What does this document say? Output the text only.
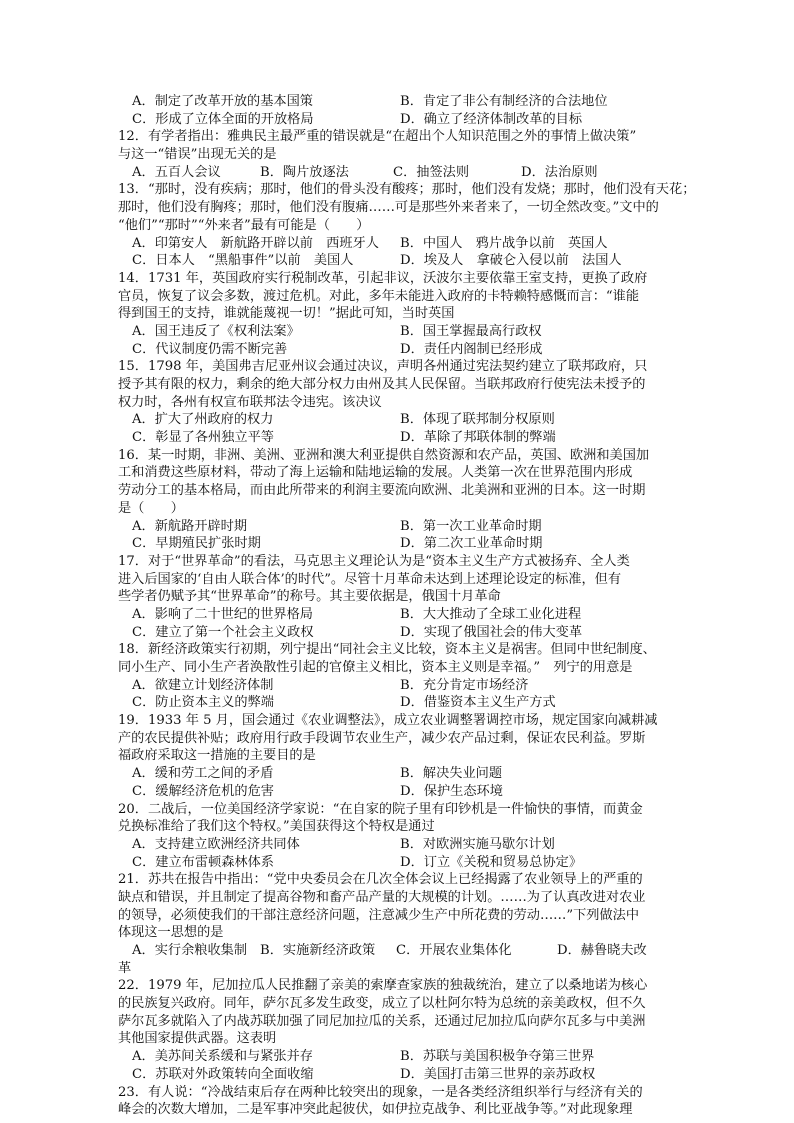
A．制定了改革开放的基本国策	B．肯定了非公有制经济的合法地位
C．形成了立体全面的开放格局	D．确立了经济体制改革的目标
12．有学者指出：雅典民主最严重的错误就是“在超出个人知识范围之外的事情上做决策”
与这一“错误”出现无关的是
A．五百人会议	B．陶片放逐法	C．抽签法则	D．法治原则
13．“那时，没有疾病；那时，他们的骨头没有酸疼；那时，他们没有发烧；那时，他们没有天花；
那时，他们没有胸疼；那时，他们没有腹痛……可是那些外来者来了，一切全然改变。”文中的
“他们”“那时”“外来者”最有可能是（　　）
A．印第安人　新航路开辟以前　西班牙人	B．中国人　鸦片战争以前　英国人
C．日本人　“黑船事件”以前　美国人	D．埃及人　拿破仑入侵以前　法国人
14．1731 年，英国政府实行税制改革，引起非议，沃波尔主要依靠王室支持，更换了政府
官员，恢复了议会多数，渡过危机。对此，多年未能进入政府的卡特赖特感慨而言：“谁能
得到国王的支持，谁就能蔑视一切！”据此可知，当时英国
A．国王违反了《权利法案》	B．国王掌握最高行政权
C．代议制度仍需不断完善	D．责任内阁制已经形成
15．1798 年，美国弗吉尼亚州议会通过决议，声明各州通过宪法契约建立了联邦政府，只
授予其有限的权力，剩余的绝大部分权力由州及其人民保留。当联邦政府行使宪法未授予的
权力时，各州有权宣布联邦法令违宪。该决议
A．扩大了州政府的权力	B．体现了联邦制分权原则
C．彰显了各州独立平等	D．革除了邦联体制的弊端
16．某一时期，非洲、美洲、亚洲和澳大利亚提供自然资源和农产品，英国、欧洲和美国加
工和消费这些原材料，带动了海上运输和陆地运输的发展。人类第一次在世界范围内形成
劳动分工的基本格局，而由此所带来的利润主要流向欧洲、北美洲和亚洲的日本。这一时期
是（　　）
A．新航路开辟时期	B．第一次工业革命时期
C．早期殖民扩张时期	D．第二次工业革命时期
17．对于“世界革命”的看法，马克思主义理论认为是“资本主义生产方式被扬弃、全人类
进入后国家的‘自由人联合体’的时代”。尽管十月革命未达到上述理论设定的标准，但有
些学者仍赋予其“世界革命”的称号。其主要依据是，俄国十月革命
A．影响了二十世纪的世界格局	B．大大推动了全球工业化进程
C．建立了第一个社会主义政权	D．实现了俄国社会的伟大变革
18．新经济政策实行初期，列宁提出“同社会主义比较，资本主义是祸害。但同中世纪制度、
同小生产、同小生产者涣散性引起的官僚主义相比，资本主义则是幸福。”　列宁的用意是
A．欲建立计划经济体制	B．充分肯定市场经济
C．防止资本主义的弊端	D．借鉴资本主义生产方式
19．1933 年 5 月，国会通过《农业调整法》，成立农业调整署调控市场，规定国家向减耕减
产的农民提供补贴；政府用行政手段调节农业生产，减少农产品过剩，保证农民利益。罗斯
福政府采取这一措施的主要目的是
A．缓和劳工之间的矛盾	B．解决失业问题
C．缓解经济危机的危害	D．保护生态环境
20．二战后，一位美国经济学家说：“在自家的院子里有印钞机是一件愉快的事情，而黄金
兑换标准给了我们这个特权。”美国获得这个特权是通过
A．支持建立欧洲经济共同体	B．对欧洲实施马歇尔计划
C．建立布雷顿森林体系	D．订立《关税和贸易总协定》
21．苏共在报告中指出：“党中央委员会在几次全体会议上已经揭露了农业领导上的严重的
缺点和错误，并且制定了提高谷物和畜产品产量的大规模的计划。……为了认真改进对农业
的领导，必须使我们的干部注意经济问题，注意减少生产中所花费的劳动……”下列做法中
体现这一思想的是
A．实行余粮收集制 B．实施新经济政策	C．开展农业集体化	D．赫鲁晓夫改
革
22．1979 年，尼加拉瓜人民推翻了亲美的索摩查家族的独裁统治，建立了以桑地诺为核心
的民族复兴政府。同年，萨尔瓦多发生政变，成立了以杜阿尔特为总统的亲美政权，但不久
萨尔瓦多就陷入了内战苏联加强了同尼加拉瓜的关系，还通过尼加拉瓜向萨尔瓦多与中美洲
其他国家提供武器。这表明
A．美苏间关系缓和与紧张并存	B．苏联与美国积极争夺第三世界
C．苏联对外政策转向全面收缩	D．美国打击第三世界的亲苏政权
23．有人说：“冷战结束后存在两种比较突出的现象，一是各类经济组织举行与经济有关的
峰会的次数大增加，二是军事冲突此起彼伏，如伊拉克战争、利比亚战争等。”对此现象理
